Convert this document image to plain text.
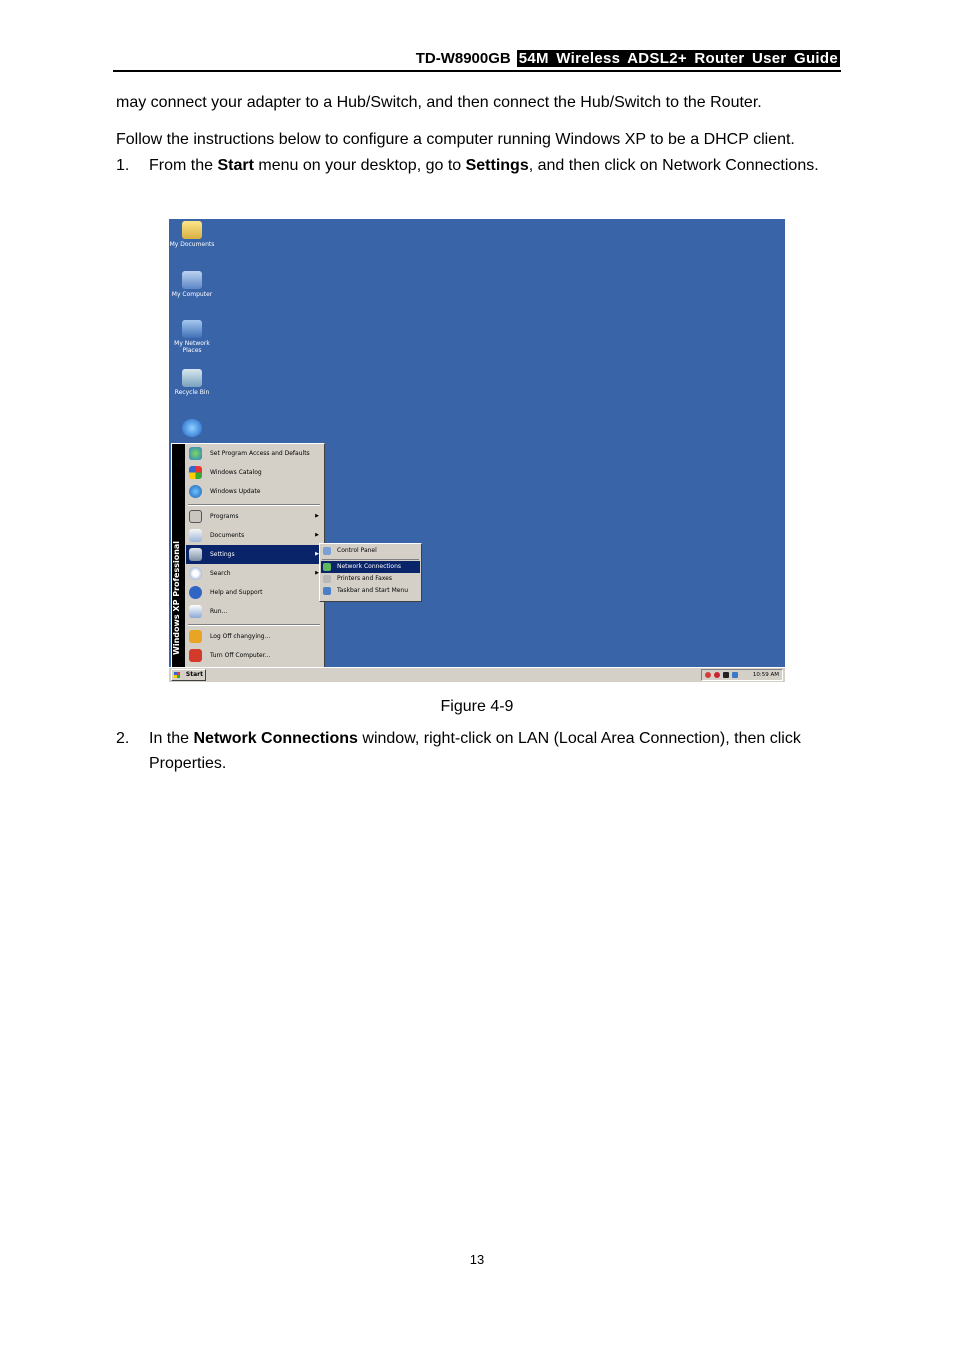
TD-W8900GB 54M Wireless ADSL2+ Router User Guide
may connect your adapter to a Hub/Switch, and then connect the Hub/Switch to the Router.
Follow the instructions below to configure a computer running Windows XP to be a DHCP client.
1. From the Start menu on your desktop, go to Settings, and then click on Network Connections.
My Documents
My Computer
My Network
Places
Recycle Bin
Windows XP Professional
Set Program Access and Defaults
Windows Catalog
Windows Update
Programs	▶
Documents	▶
Settings	▶
Search	▶
Help and Support
Run...
Log Off changying...
Turn Off Computer...
Control Panel
Network Connections
Printers and Faxes
Taskbar and Start Menu
Start	10:59 AM
Figure 4-9
2. In the Network Connections window, right-click on LAN (Local Area Connection), then click Properties.
13
